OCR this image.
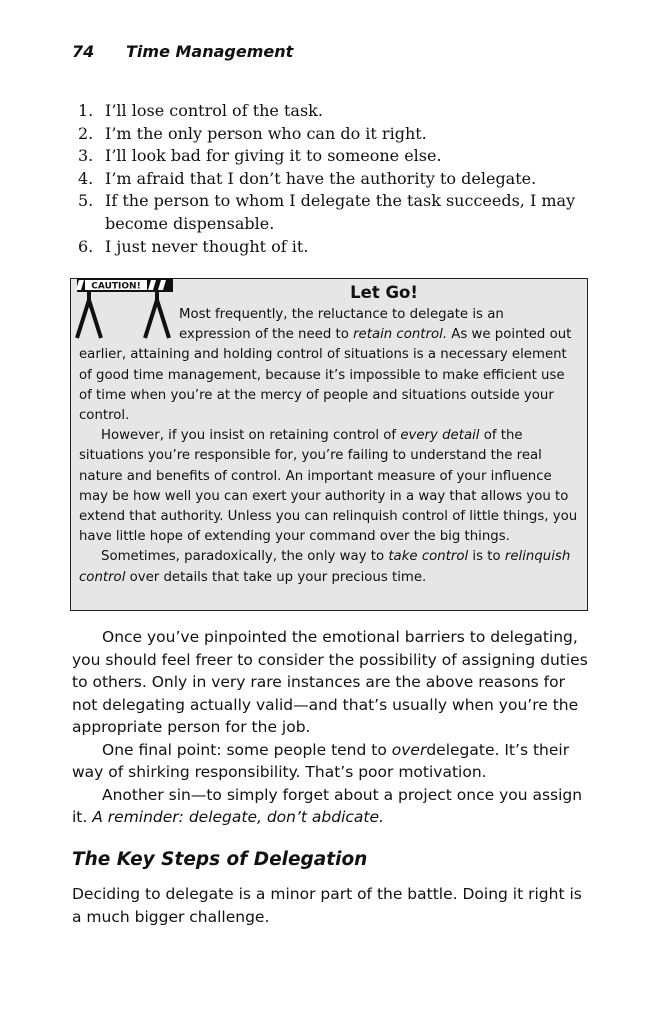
74 Time Management
1. I’ll lose control of the task.
2. I’m the only person who can do it right.
3. I’ll look bad for giving it to someone else.
4. I’m afraid that I don’t have the authority to delegate.
5. If the person to whom I delegate the task succeeds, I may become dispensable.
6. I just never thought of it.
CAUTION!	Let Go!

Most frequently, the reluctance to delegate is an expression of the need to retain control. As we pointed out earlier, attaining and holding control of situations is a necessary element of good time management, because it’s impossible to make efficient use of time when you’re at the mercy of people and situations outside your control.

However, if you insist on retaining control of every detail of the situations you’re responsible for, you’re failing to understand the real nature and benefits of control. An important measure of your influence may be how well you can exert your authority in a way that allows you to extend that authority. Unless you can relinquish control of little things, you have little hope of extending your command over the big things.

Sometimes, paradoxically, the only way to take control is to relinquish control over details that take up your precious time.

Once you’ve pinpointed the emotional barriers to delegating, you should feel freer to consider the possibility of assigning duties to others. Only in very rare instances are the above reasons for not delegating actually valid—and that’s usually when you’re the appropriate person for the job.

One final point: some people tend to overdelegate. It’s their way of shirking responsibility. That’s poor motivation.

Another sin—to simply forget about a project once you assign it. A reminder: delegate, don’t abdicate.

The Key Steps of Delegation

Deciding to delegate is a minor part of the battle. Doing it right is a much bigger challenge.
